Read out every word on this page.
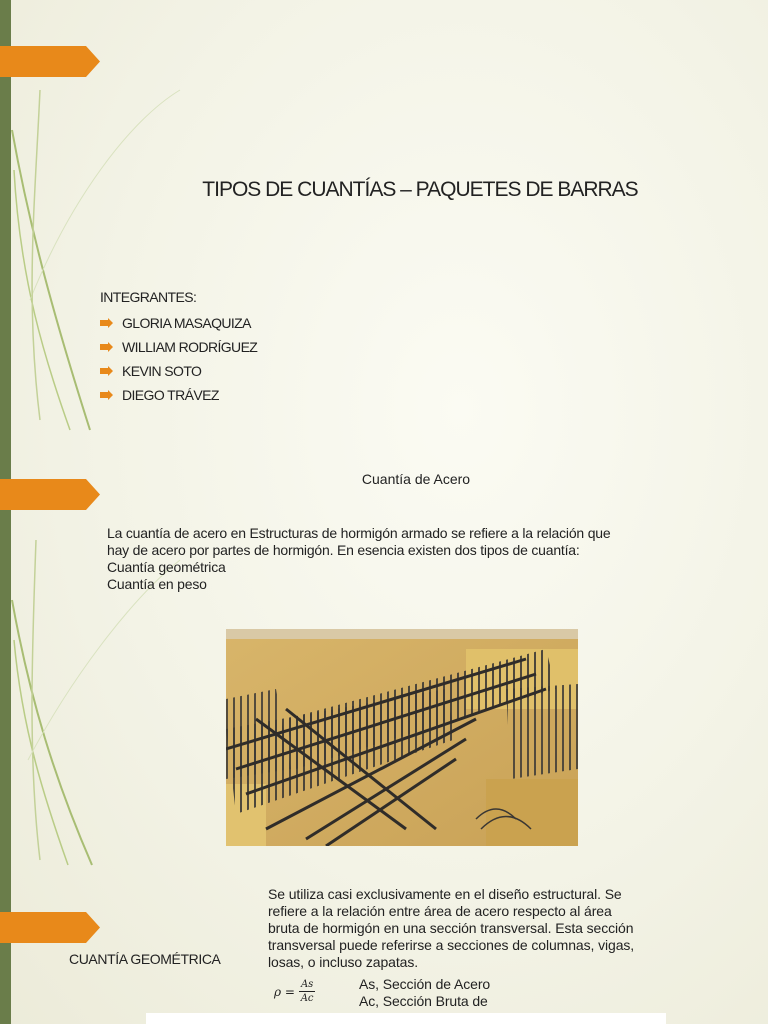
TIPOS DE CUANTÍAS – PAQUETES DE BARRAS
INTEGRANTES:
GLORIA MASAQUIZA
WILLIAM RODRÍGUEZ
KEVIN SOTO
DIEGO TRÁVEZ
Cuantía de Acero
La cuantía de acero en Estructuras de hormigón armado se refiere a la relación que
hay de acero por partes de hormigón. En esencia existen dos tipos de cuantía:
Cuantía geométrica
Cuantía en peso
CUANTÍA GEOMÉTRICA
Se utiliza casi exclusivamente en el diseño estructural. Se
refiere a la relación entre área de acero respecto al área
bruta de hormigón en una sección transversal. Esta sección
transversal puede referirse a secciones de columnas, vigas,
losas, o incluso zapatas.
$\rho = \frac{As}{Ac}$	As, Sección de Acero
Ac, Sección Bruta de
